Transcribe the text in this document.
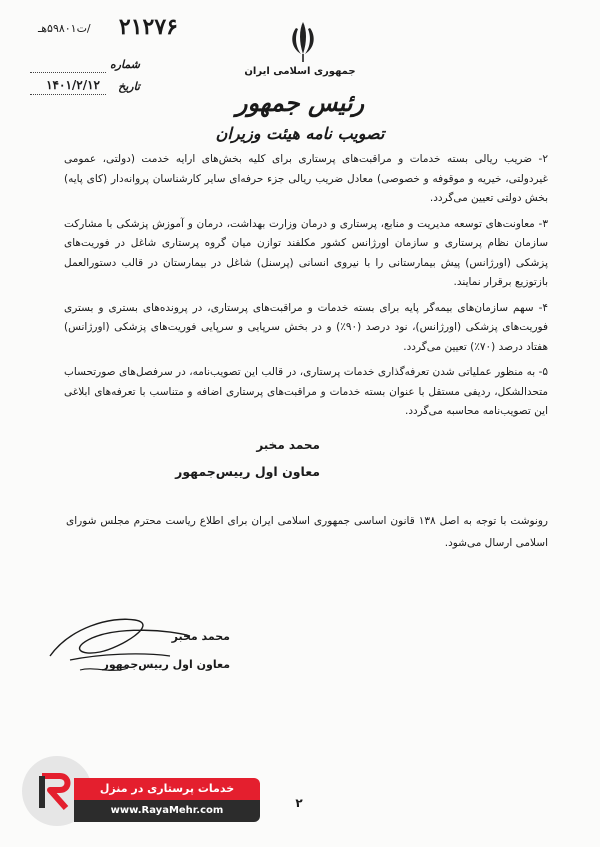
۲۱۲۷۶
/ت۵۹۸۰۱هـ
شماره
تاریخ
۱۴۰۱/۲/۱۲
جمهوری اسلامی ایران
رئیس جمهور
تصویب نامه هیئت وزیران

۲- ضریب ریالی بسته خدمات و مراقبت‌های پرستاری برای کلیه بخش‌های ارایه خدمت (دولتی، عمومی غیردولتی، خیریه و موقوفه و خصوصی) معادل ضریب ریالی جزء حرفه‌ای سایر کارشناسان پروانه‌دار (کای پایه) بخش دولتی تعیین می‌گردد.

۳- معاونت‌های توسعه مدیریت و منابع، پرستاری و درمان وزارت بهداشت، درمان و آموزش پزشکی با مشارکت سازمان نظام پرستاری و سازمان اورژانس کشور مکلفند توازن میان گروه پرستاری شاغل در فوریت‌های پزشکی (اورژانس) پیش بیمارستانی را با نیروی انسانی (پرسنل) شاغل در بیمارستان در قالب دستورالعمل بازتوزیع برقرار نمایند.

۴- سهم سازمان‌های بیمه‌گر پایه برای بسته خدمات و مراقبت‌های پرستاری، در پرونده‌های بستری و بستری فوریت‌های پزشکی (اورژانس)، نود درصد (۹۰٪) و در بخش سرپایی و سرپایی فوریت‌های پزشکی (اورژانس) هفتاد درصد (۷۰٪) تعیین می‌گردد.

۵- به منظور عملیاتی شدن تعرفه‌گذاری خدمات پرستاری، در قالب این تصویب‌نامه، در سرفصل‌های صورتحساب متحدالشکل، ردیفی مستقل با عنوان بسته خدمات و مراقبت‌های پرستاری اضافه و متناسب با تعرفه‌های ابلاغی این تصویب‌نامه محاسبه می‌گردد.

محمد مخبر
معاون اول رییس‌جمهور
رونوشت با توجه به اصل ۱۳۸ قانون اساسی جمهوری اسلامی ایران برای اطلاع ریاست محترم مجلس شورای اسلامی ارسال می‌شود.
محمد مخبر
معاون اول رییس‌جمهور
۲
خدمات پرستاری در منزل
www.RayaMehr.com
